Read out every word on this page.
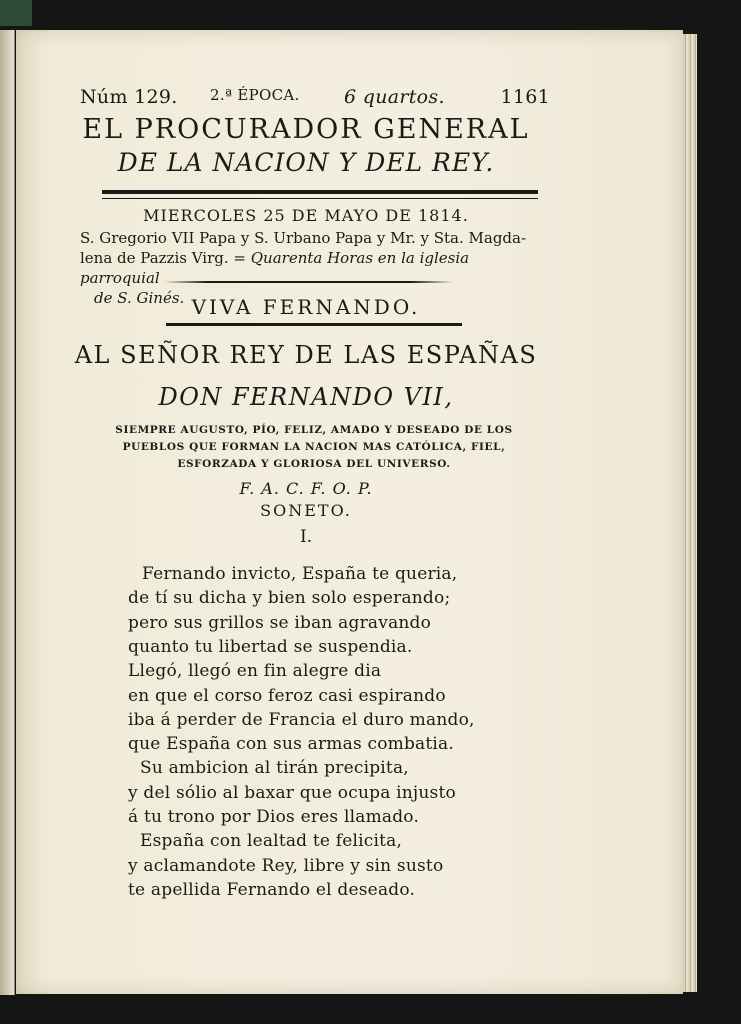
Núm 129. 2.ª ÉPOCA. 6 quartos.	1161
EL PROCURADOR GENERAL
DE LA NACION Y DEL REY.
MIERCOLES 25 DE MAYO DE 1814.
S. Gregorio VII Papa y S. Urbano Papa y Mr. y Sta. Magda-
lena de Pazzis Virg. = Quarenta Horas en la iglesia parroquial
de S. Ginés. VIVA FERNANDO.
AL SEÑOR REY DE LAS ESPAÑAS
DON FERNANDO VII,
SIEMPRE AUGUSTO, PÍO, FELIZ, AMADO Y DESEADO DE LOS
PUEBLOS QUE FORMAN LA NACION MAS CATÓLICA, FIEL,
ESFORZADA Y GLORIOSA DEL UNIVERSO.
F. A. C. F. O. P.
SONETO.
I.
Fernando invicto, España te queria,
de tí su dicha y bien solo esperando;
pero sus grillos se iban agravando
quanto tu libertad se suspendia.
Llegó, llegó en fin alegre dia
en que el corso feroz casi espirando
iba á perder de Francia el duro mando,
que España con sus armas combatia.
Su ambicion al tirán precipita,
y del sólio al baxar que ocupa injusto
á tu trono por Dios eres llamado.
España con lealtad te felicita,
y aclamandote Rey, libre y sin susto
te apellida Fernando el deseado.
